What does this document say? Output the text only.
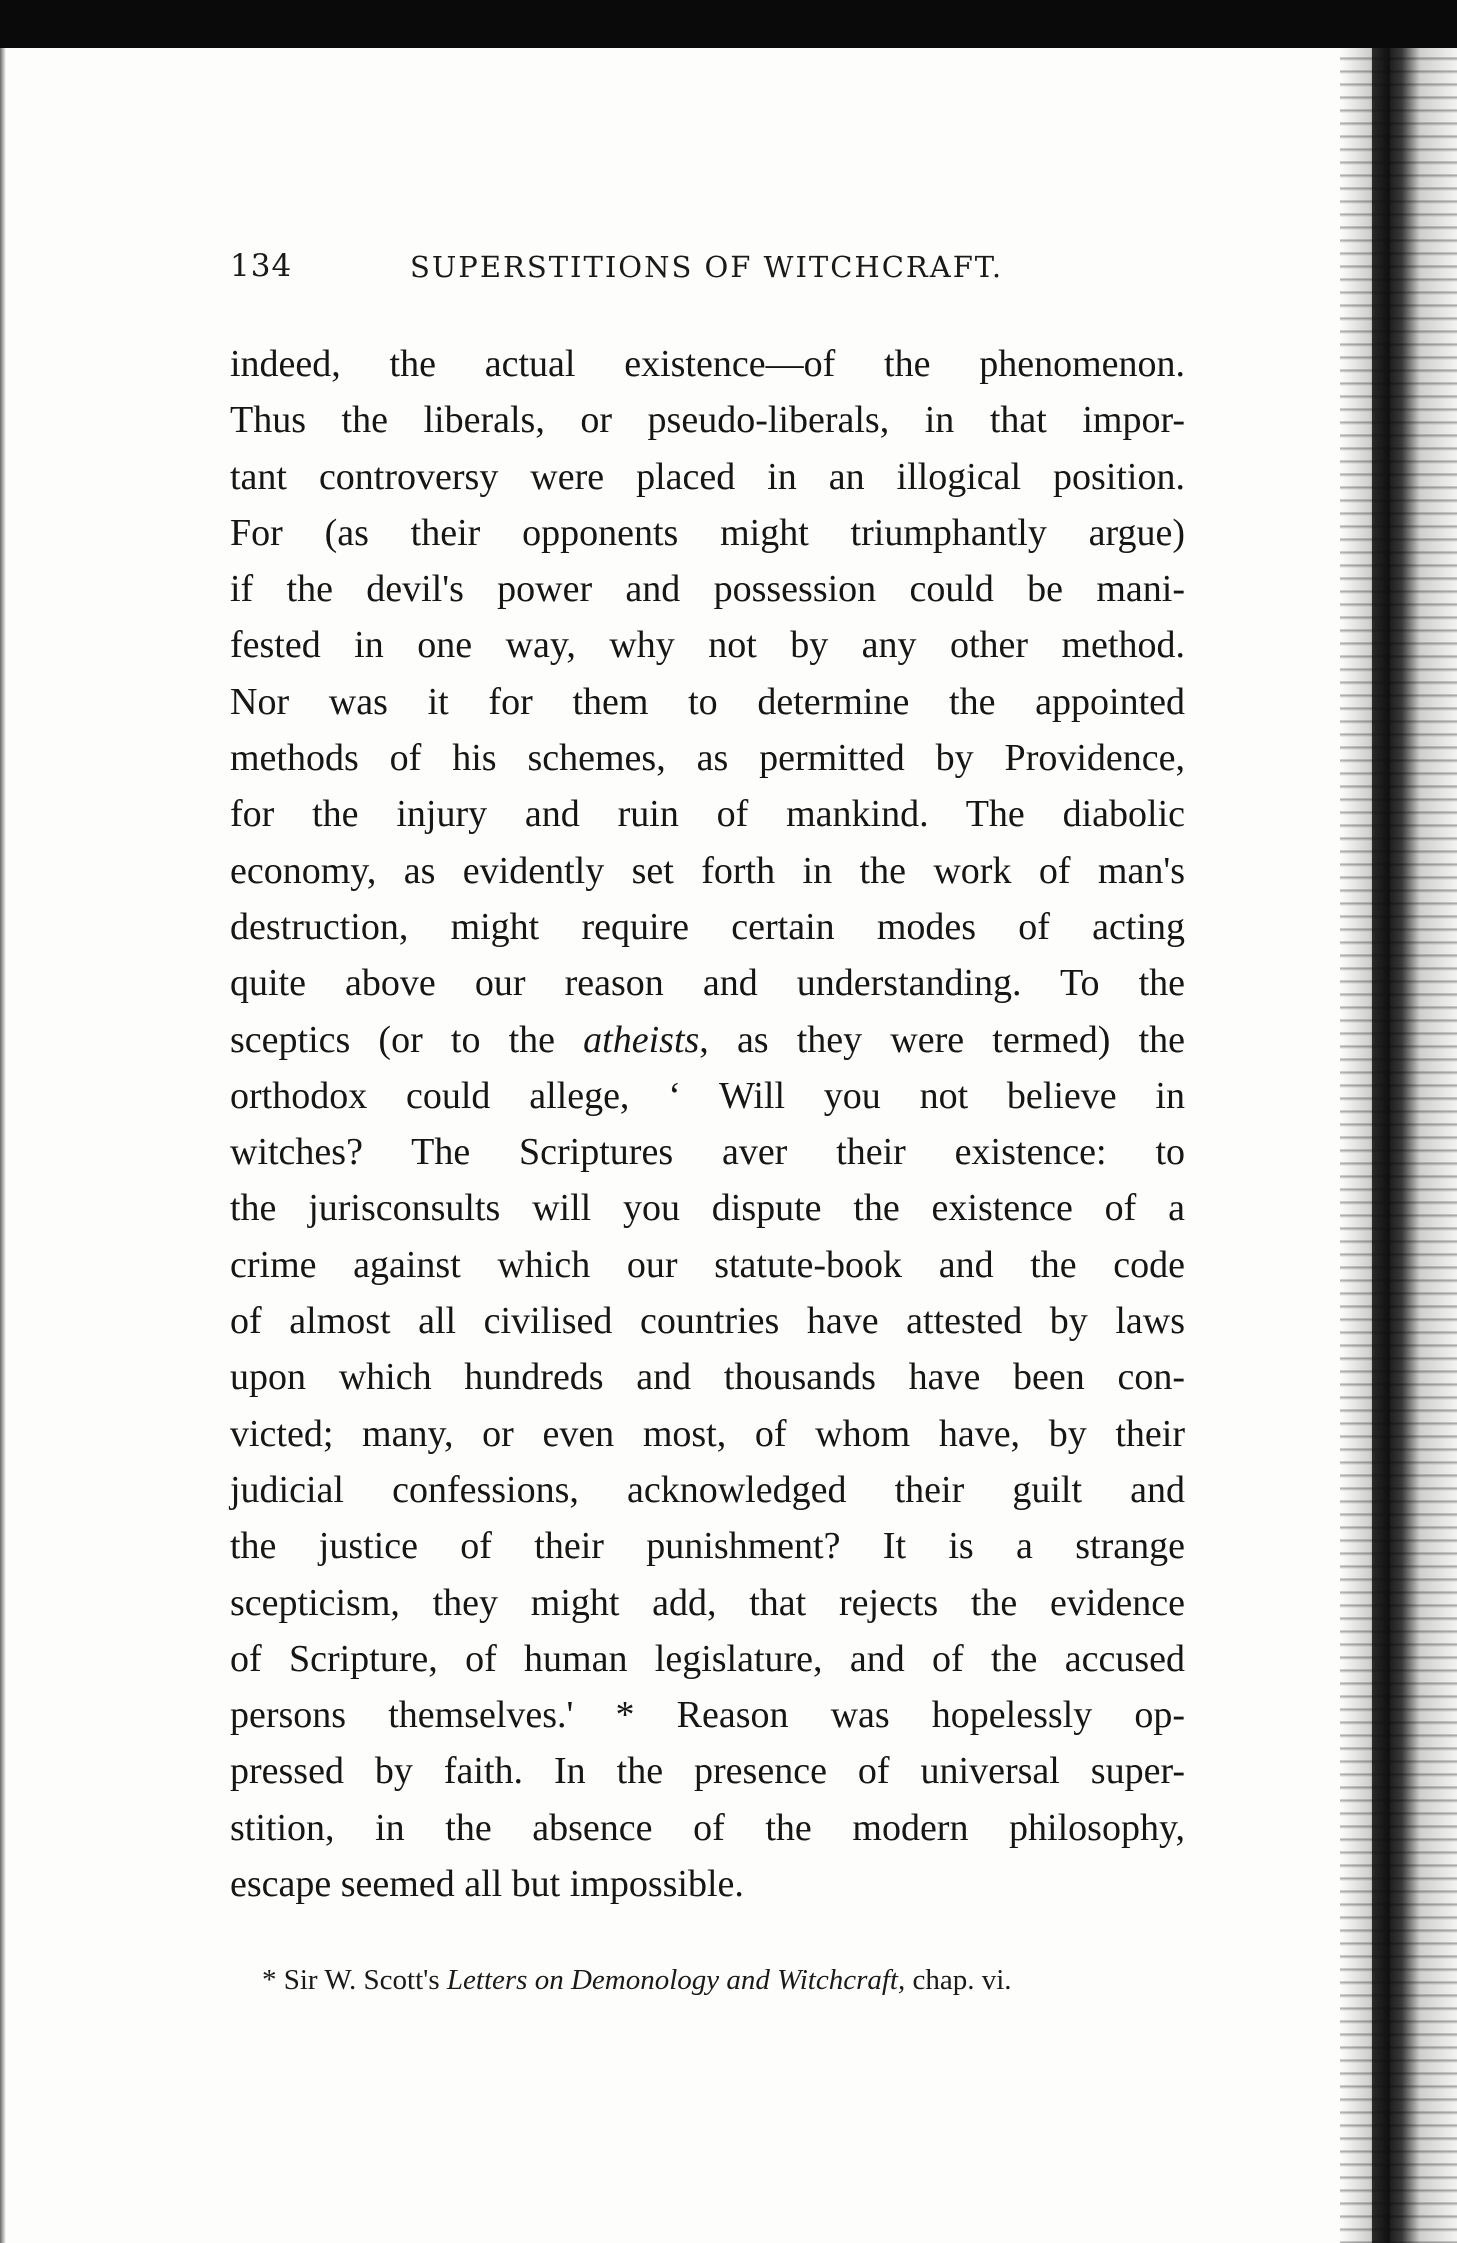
134	SUPERSTITIONS OF WITCHCRAFT.
indeed, the actual existence—of the phenomenon.
Thus the liberals, or pseudo-liberals, in that impor-
tant controversy were placed in an illogical position.
For (as their opponents might triumphantly argue)
if the devil's power and possession could be mani-
fested in one way, why not by any other method.
Nor was it for them to determine the appointed
methods of his schemes, as permitted by Providence,
for the injury and ruin of mankind. The diabolic
economy, as evidently set forth in the work of man's
destruction, might require certain modes of acting
quite above our reason and understanding. To the
sceptics (or to the atheists, as they were termed) the
orthodox could allege, ‘ Will you not believe in
witches? The Scriptures aver their existence: to
the jurisconsults will you dispute the existence of a
crime against which our statute-book and the code
of almost all civilised countries have attested by laws
upon which hundreds and thousands have been con-
victed; many, or even most, of whom have, by their
judicial confessions, acknowledged their guilt and
the justice of their punishment? It is a strange
scepticism, they might add, that rejects the evidence
of Scripture, of human legislature, and of the accused
persons themselves.' * Reason was hopelessly op-
pressed by faith. In the presence of universal super-
stition, in the absence of the modern philosophy,
escape seemed all but impossible.
* Sir W. Scott's Letters on Demonology and Witchcraft, chap. vi.
